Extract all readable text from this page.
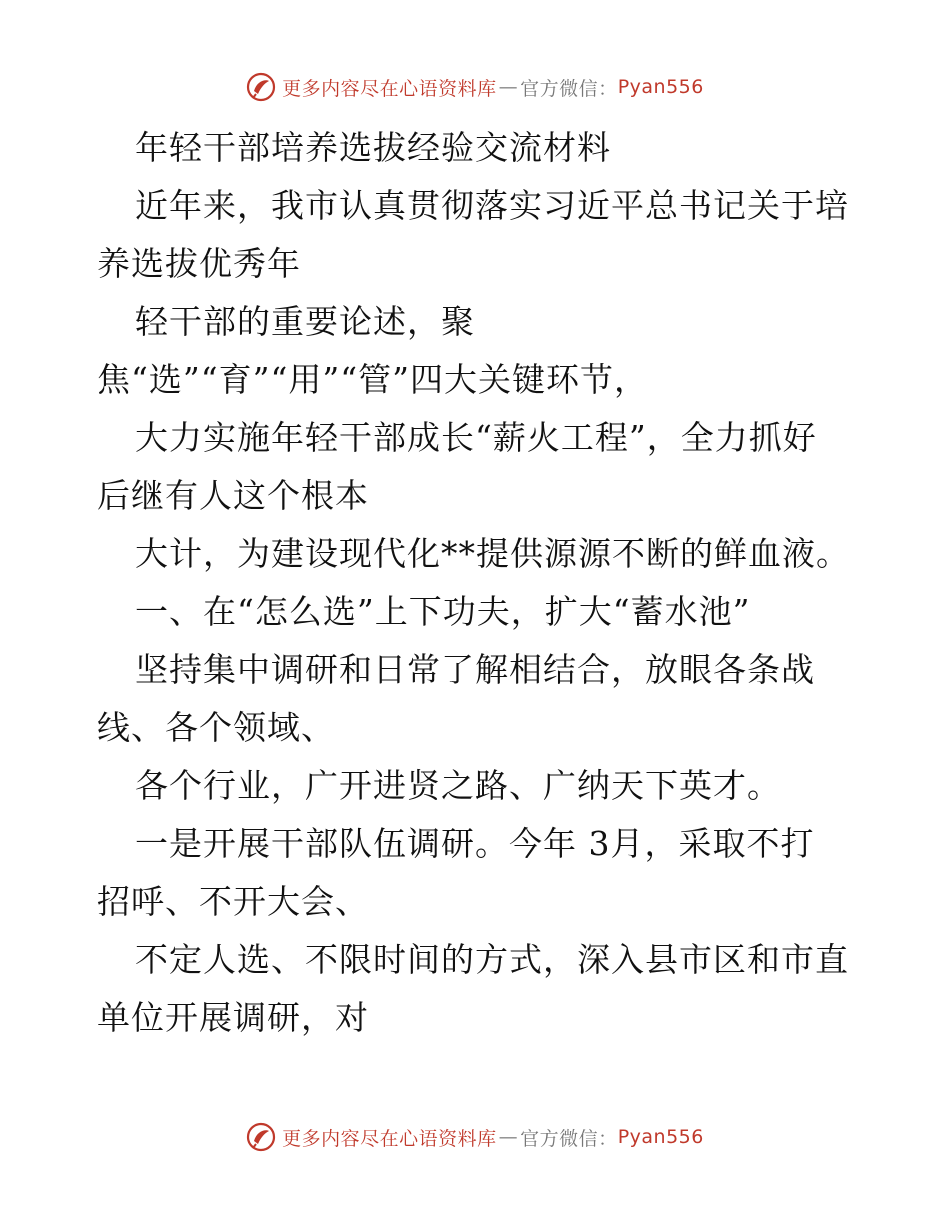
更多内容尽在心语资料库 — 官方微信： Pyan556
年轻干部培养选拔经验交流材料
近年来，我市认真贯彻落实习近平总书记关于培
养选拔优秀年
轻干部的重要论述，聚
焦“选”“育”“用”“管”四大关键环节，
大力实施年轻干部成长“薪火工程”，全力抓好
后继有人这个根本
大计，为建设现代化**提供源源不断的鲜血液。
一、在“怎么选”上下功夫，扩大“蓄水池”
坚持集中调研和日常了解相结合，放眼各条战
线、各个领域、
各个行业，广开进贤之路、广纳天下英才。
一是开展干部队伍调研。今年 3月，采取不打
招呼、不开大会、
不定人选、不限时间的方式，深入县市区和市直
单位开展调研，对
更多内容尽在心语资料库 — 官方微信： Pyan556
